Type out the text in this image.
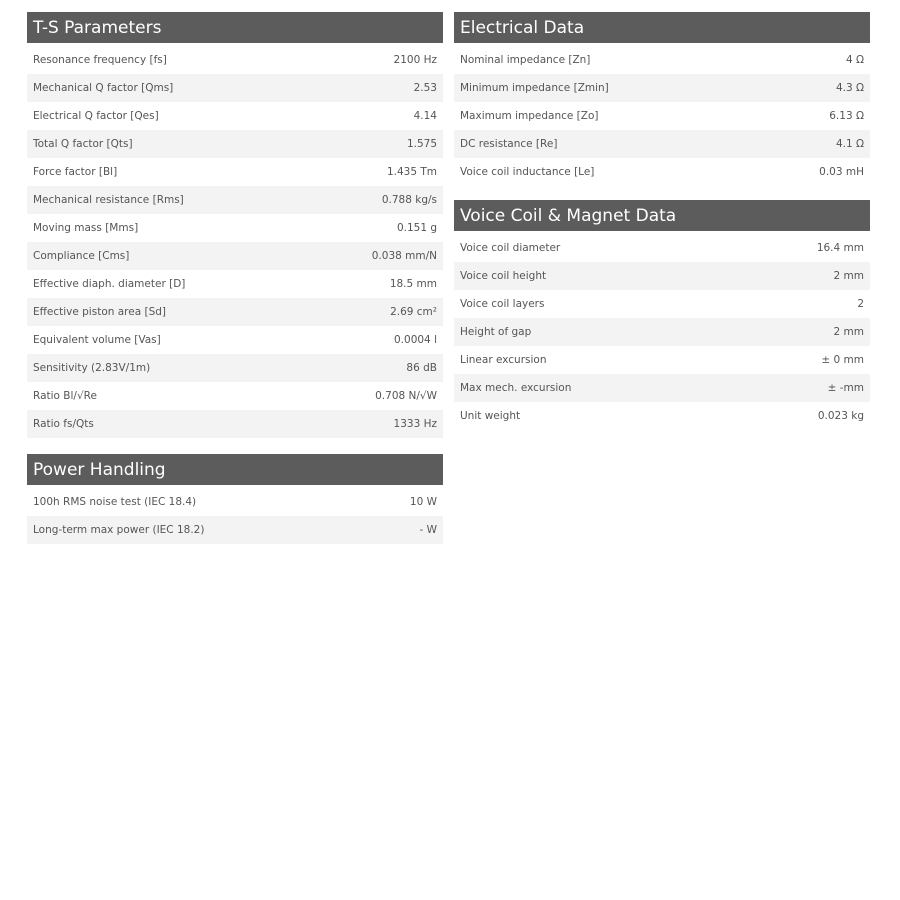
T-S Parameters
Resonance frequency [fs]	2100 Hz
Mechanical Q factor [Qms]	2.53
Electrical Q factor [Qes]	4.14
Total Q factor [Qts]	1.575
Force factor [Bl]	1.435 Tm
Mechanical resistance [Rms]	0.788 kg/s
Moving mass [Mms]	0.151 g
Compliance [Cms]	0.038 mm/N
Effective diaph. diameter [D]	18.5 mm
Effective piston area [Sd]	2.69 cm²
Equivalent volume [Vas]	0.0004 l
Sensitivity (2.83V/1m)	86 dB
Ratio Bl/√Re	0.708 N/√W
Ratio fs/Qts	1333 Hz
Power Handling
100h RMS noise test (IEC 18.4)	10 W
Long-term max power (IEC 18.2)	- W
Electrical Data
Nominal impedance [Zn]	4 Ω
Minimum impedance [Zmin]	4.3 Ω
Maximum impedance [Zo]	6.13 Ω
DC resistance [Re]	4.1 Ω
Voice coil inductance [Le]	0.03 mH
Voice Coil & Magnet Data
Voice coil diameter	16.4 mm
Voice coil height	2 mm
Voice coil layers	2
Height of gap	2 mm
Linear excursion	± 0 mm
Max mech. excursion	± -mm
Unit weight	0.023 kg
